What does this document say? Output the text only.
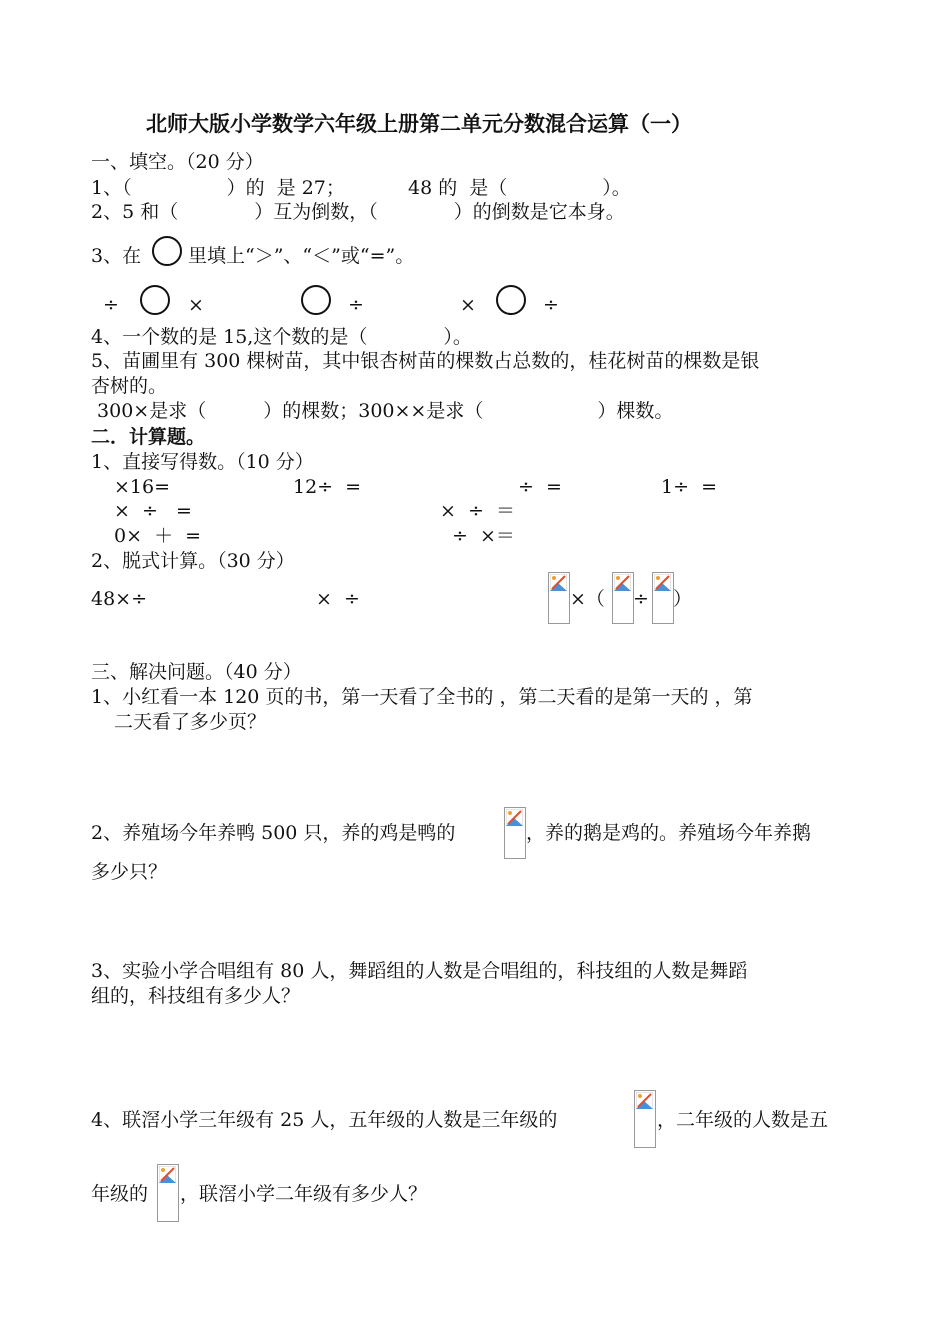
北师大版小学数学六年级上册第二单元分数混合运算（一）
一、填空。（20 分）
1、（　　　　　）的  是 27；	48 的  是（　　　　　）。
2、5 和（　　　　）互为倒数，（　　　　）的倒数是它本身。
3、在 里填上“＞”、“＜”或“=”。
÷	×	÷	×	÷
4、一个数的是 15,这个数的是（　　　　）。
5、苗圃里有 300 棵树苗，其中银杏树苗的棵数占总数的，桂花树苗的棵数是银
杏树的。
300×是求（　　　）的棵数；300××是求（　　　　　　）棵数。
二．计算题。
1、直接写得数。（10 分）
×16=	12÷  =	÷  =	1÷  =
×  ÷   =	×  ÷  ＝
0×  ＋  =	÷  ×＝
2、脱式计算。（30 分）
48×÷	×  ÷	×（ ÷ ）
三、解决问题。（40 分）
1、小红看一本 120 页的书，第一天看了全书的 ，第二天看的是第一天的 ，第
二天看了多少页？
2、养殖场今年养鸭 500 只，养的鸡是鸭的	，养的鹅是鸡的。养殖场今年养鹅
多少只？
3、实验小学合唱组有 80 人，舞蹈组的人数是合唱组的，科技组的人数是舞蹈
组的，科技组有多少人？
4、联滘小学三年级有 25 人，五年级的人数是三年级的	，二年级的人数是五
年级的 ，联滘小学二年级有多少人？
